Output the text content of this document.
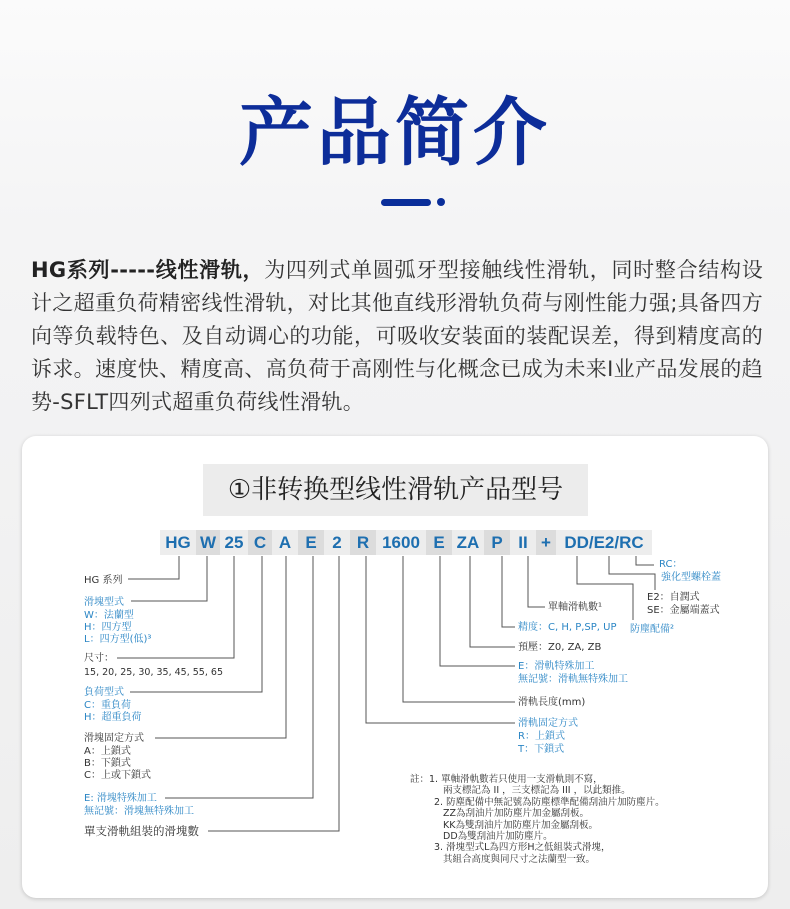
产品简介
HG系列-----线性滑轨，为四列式单圆弧牙型接触线性滑轨，同时整合结构设计之超重负荷精密线性滑轨，对比其他直线形滑轨负荷与刚性能力强;具备四方向等负载特色、及自动调心的功能，可吸收安装面的装配误差，得到精度高的诉求。速度快、精度高、高负荷于高刚性与化概念已成为未来I业产品发展的趋势-SFLT四列式超重负荷线性滑轨。
①非转换型线性滑轨产品型号
HG W 25 C A E 2 R 1600 E ZA P II + DD/E2/RC
HG 系列
滑塊型式
W：法蘭型
H：四方型
L：四方型(低)³
尺寸：
15, 20, 25, 30, 35, 45, 55, 65
負荷型式
C：重負荷
H：超重負荷
滑塊固定方式
A：上鎖式
B：下鎖式
C：上或下鎖式
E: 滑塊特殊加工
無記號：滑塊無特殊加工
單支滑軌組裝的滑塊數
RC：
強化型螺栓蓋
E2：自潤式
SE：金屬端蓋式
防塵配備²
單軸滑軌數¹
精度：C, H, P,SP, UP
預壓：Z0, ZA, ZB
E：滑軌特殊加工
無記號：滑軌無特殊加工
滑軌長度(mm)
滑軌固定方式
R：上鎖式
T：下鎖式
註：1. 單軸滑軌數若只使用一支滑軌則不寫，
兩支標記為 II ，三支標記為 III ，以此類推。
2. 防塵配備中無記號為防塵標準配備刮油片加防塵片。
ZZ為刮油片加防塵片加金屬刮板。
KK為雙刮油片加防塵片加金屬刮板。
DD為雙刮油片加防塵片。
3. 滑塊型式L為四方形H之低組裝式滑塊，
其組合高度與同尺寸之法蘭型一致。
